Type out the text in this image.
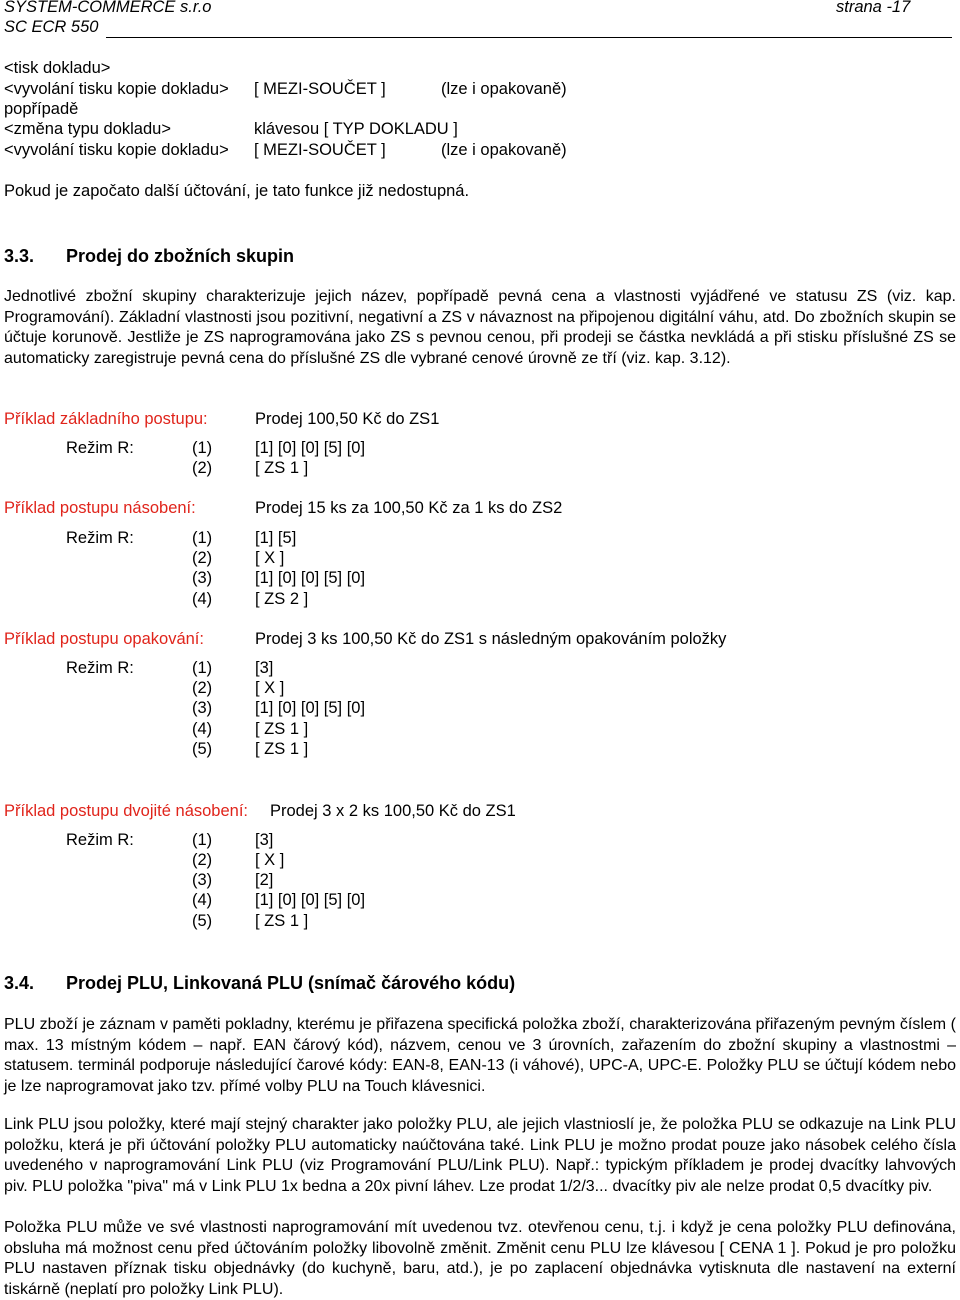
SYSTEM-COMMERCE s.r.o	strana -17
SC ECR 550
<tisk dokladu>
<vyvolání tisku kopie dokladu> [ MEZI-SOUČET ]	(lze i opakovaně)
popřípadě
<změna typu dokladu>	klávesou [ TYP DOKLADU ]
<vyvolání tisku kopie dokladu> [ MEZI-SOUČET ]	(lze i opakovaně)
Pokud je započato další účtování, je tato funkce již nedostupná.
3.3. Prodej do zbožních skupin
Jednotlivé zbožní skupiny charakterizuje jejich název, popřípadě pevná cena a vlastnosti vyjádřené ve statusu ZS (viz. kap. Programování). Základní vlastnosti jsou pozitivní, negativní a ZS v návaznost na připojenou digitální váhu, atd. Do zbožních skupin se účtuje korunově. Jestliže je ZS naprogramována jako ZS s pevnou cenou, při prodeji se částka nevkládá a při stisku příslušné ZS se automaticky zaregistruje pevná cena do příslušné ZS dle vybrané cenové úrovně ze tří (viz. kap. 3.12).
Příklad základního postupu:	Prodej 100,50 Kč do ZS1
Režim R:	(1)	[1] [0] [0] [5] [0]
(2)	[ ZS 1 ]
Příklad postupu násobení:	Prodej 15 ks za 100,50 Kč za 1 ks do ZS2
Režim R:	(1)	[1] [5]
(2)	[ X ]
(3)	[1] [0] [0] [5] [0]
(4)	[ ZS 2 ]
Příklad postupu opakování:	Prodej 3 ks 100,50 Kč do ZS1 s následným opakováním položky
Režim R:	(1)	[3]
(2)	[ X ]
(3)	[1] [0] [0] [5] [0]
(4)	[ ZS 1 ]
(5)	[ ZS 1 ]
Příklad postupu dvojité násobení: Prodej 3 x 2 ks 100,50 Kč do ZS1
Režim R:	(1)	[3]
(2)	[ X ]
(3)	[2]
(4)	[1] [0] [0] [5] [0]
(5)	[ ZS 1 ]
3.4. Prodej PLU, Linkovaná PLU (snímač čárového kódu)
PLU zboží je záznam v paměti pokladny, kterému je přiřazena specifická položka zboží, charakterizována přiřazeným pevným číslem ( max. 13 místným kódem – např. EAN čárový kód), názvem, cenou ve 3 úrovních, zařazením do zbožní skupiny a vlastnostmi – statusem. terminál podporuje následující čarové kódy: EAN-8, EAN-13 (i váhové), UPC-A, UPC-E. Položky PLU se účtují kódem nebo je lze naprogramovat jako tzv. přímé volby PLU na Touch klávesnici.
Link PLU jsou položky, které mají stejný charakter jako položky PLU, ale jejich vlastnioslí je, že položka PLU se odkazuje na Link PLU položku, která je při účtování položky PLU automaticky naúčtována také. Link PLU je možno prodat pouze jako násobek celého čísla uvedeného v naprogramování Link PLU (viz Programování PLU/Link PLU). Např.: typickým příkladem je prodej dvacítky lahvových piv. PLU položka "piva" má v Link PLU 1x bedna a 20x pivní láhev. Lze prodat 1/2/3... dvacítky piv ale nelze prodat 0,5 dvacítky piv.
Položka PLU může ve své vlastnosti naprogramování mít uvedenou tvz. otevřenou cenu, t.j. i když je cena položky PLU definována, obsluha má možnost cenu před účtováním položky libovolně změnit. Změnit cenu PLU lze klávesou [ CENA 1 ]. Pokud je pro položku PLU nastaven příznak tisku objednávky (do kuchyně, baru, atd.), je po zaplacení objednávka vytisknuta dle nastavení na externí tiskárně (neplatí pro položky Link PLU).
